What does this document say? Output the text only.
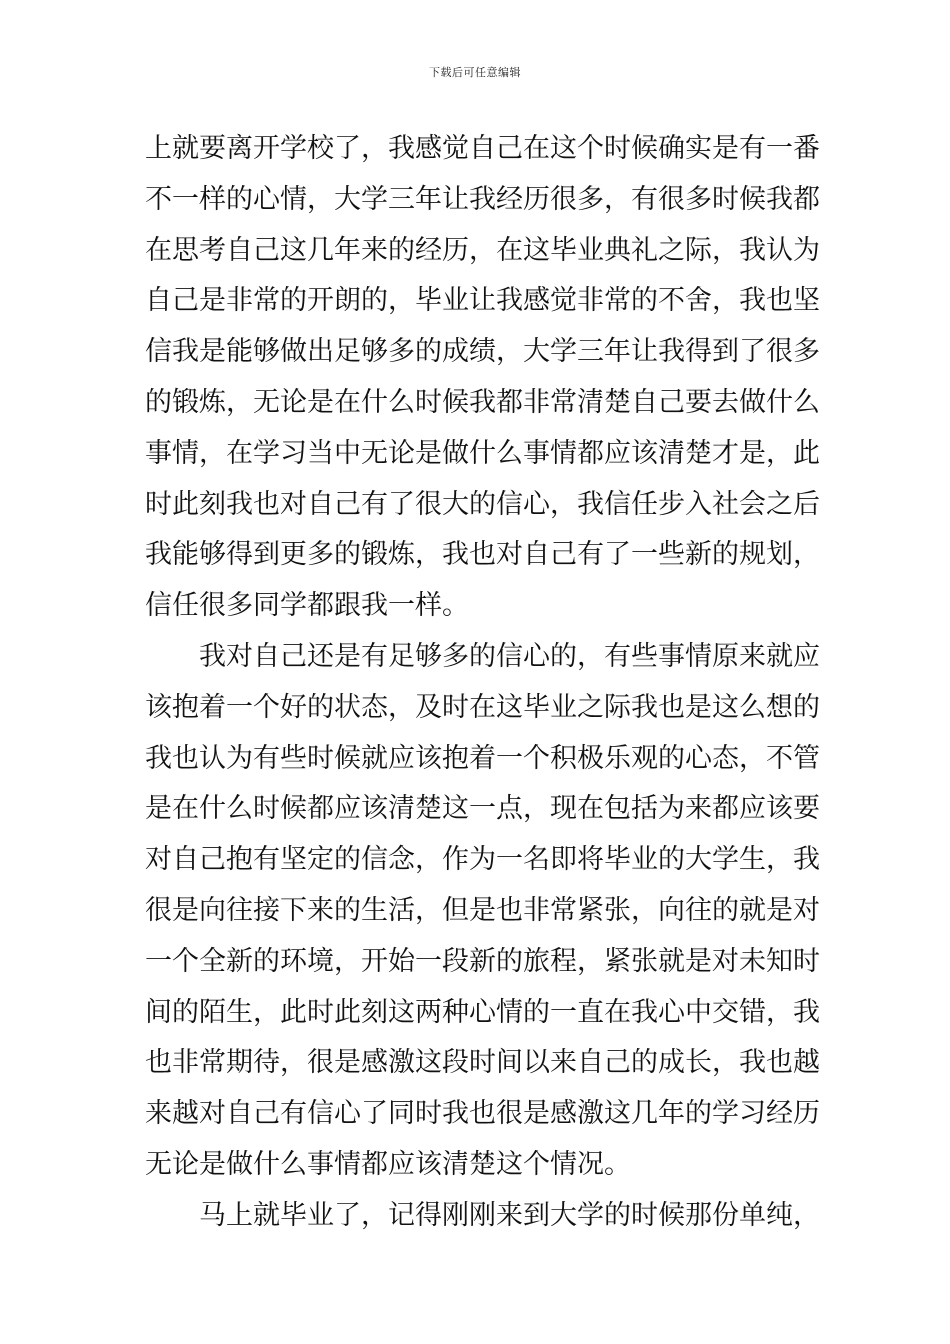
下载后可任意编辑
上就要离开学校了，我感觉自己在这个时候确实是有一番
不一样的心情，大学三年让我经历很多，有很多时候我都
在思考自己这几年来的经历，在这毕业典礼之际，我认为
自己是非常的开朗的，毕业让我感觉非常的不舍，我也坚
信我是能够做出足够多的成绩，大学三年让我得到了很多
的锻炼，无论是在什么时候我都非常清楚自己要去做什么
事情，在学习当中无论是做什么事情都应该清楚才是，此
时此刻我也对自己有了很大的信心，我信任步入社会之后
我能够得到更多的锻炼，我也对自己有了一些新的规划，
信任很多同学都跟我一样。
我对自己还是有足够多的信心的，有些事情原来就应
该抱着一个好的状态，及时在这毕业之际我也是这么想的
我也认为有些时候就应该抱着一个积极乐观的心态，不管
是在什么时候都应该清楚这一点，现在包括为来都应该要
对自己抱有坚定的信念，作为一名即将毕业的大学生，我
很是向往接下来的生活，但是也非常紧张，向往的就是对
一个全新的环境，开始一段新的旅程，紧张就是对未知时
间的陌生，此时此刻这两种心情的一直在我心中交错，我
也非常期待，很是感激这段时间以来自己的成长，我也越
来越对自己有信心了同时我也很是感激这几年的学习经历
无论是做什么事情都应该清楚这个情况。
马上就毕业了，记得刚刚来到大学的时候那份单纯，
